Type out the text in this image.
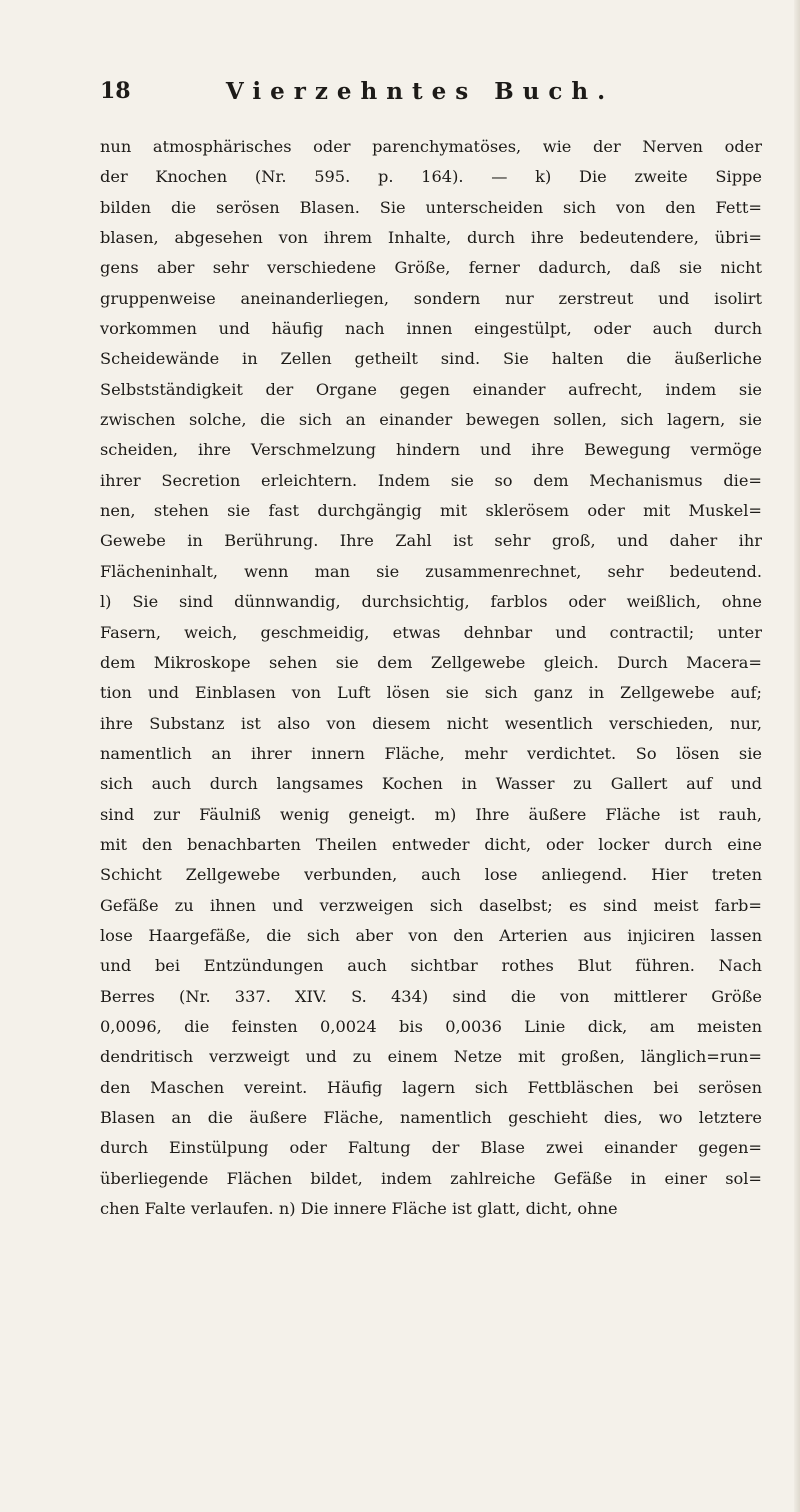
18	Vierzehntes Buch.
nun atmosphärisches oder parenchymatöses, wie der Nerven oder
der Knochen (Nr. 595. p. 164). — k) Die zweite Sippe
bilden die serösen Blasen. Sie unterscheiden sich von den Fett=
blasen, abgesehen von ihrem Inhalte, durch ihre bedeutendere, übri=
gens aber sehr verschiedene Größe, ferner dadurch, daß sie nicht
gruppenweise aneinanderliegen, sondern nur zerstreut und isolirt
vorkommen und häufig nach innen eingestülpt, oder auch durch
Scheidewände in Zellen getheilt sind. Sie halten die äußerliche
Selbstständigkeit der Organe gegen einander aufrecht, indem sie
zwischen solche, die sich an einander bewegen sollen, sich lagern, sie
scheiden, ihre Verschmelzung hindern und ihre Bewegung vermöge
ihrer Secretion erleichtern. Indem sie so dem Mechanismus die=
nen, stehen sie fast durchgängig mit sklerösem oder mit Muskel=
Gewebe in Berührung. Ihre Zahl ist sehr groß, und daher ihr
Flächeninhalt, wenn man sie zusammenrechnet, sehr bedeutend.
l) Sie sind dünnwandig, durchsichtig, farblos oder weißlich, ohne
Fasern, weich, geschmeidig, etwas dehnbar und contractil; unter
dem Mikroskope sehen sie dem Zellgewebe gleich. Durch Macera=
tion und Einblasen von Luft lösen sie sich ganz in Zellgewebe auf;
ihre Substanz ist also von diesem nicht wesentlich verschieden, nur,
namentlich an ihrer innern Fläche, mehr verdichtet. So lösen sie
sich auch durch langsames Kochen in Wasser zu Gallert auf und
sind zur Fäulniß wenig geneigt. m) Ihre äußere Fläche ist rauh,
mit den benachbarten Theilen entweder dicht, oder locker durch eine
Schicht Zellgewebe verbunden, auch lose anliegend. Hier treten
Gefäße zu ihnen und verzweigen sich daselbst; es sind meist farb=
lose Haargefäße, die sich aber von den Arterien aus injiciren lassen
und bei Entzündungen auch sichtbar rothes Blut führen. Nach
Berres (Nr. 337. XIV. S. 434) sind die von mittlerer Größe
0,0096, die feinsten 0,0024 bis 0,0036 Linie dick, am meisten
dendritisch verzweigt und zu einem Netze mit großen, länglich=run=
den Maschen vereint. Häufig lagern sich Fettbläschen bei serösen
Blasen an die äußere Fläche, namentlich geschieht dies, wo letztere
durch Einstülpung oder Faltung der Blase zwei einander gegen=
überliegende Flächen bildet, indem zahlreiche Gefäße in einer sol=
chen Falte verlaufen. n) Die innere Fläche ist glatt, dicht, ohne
